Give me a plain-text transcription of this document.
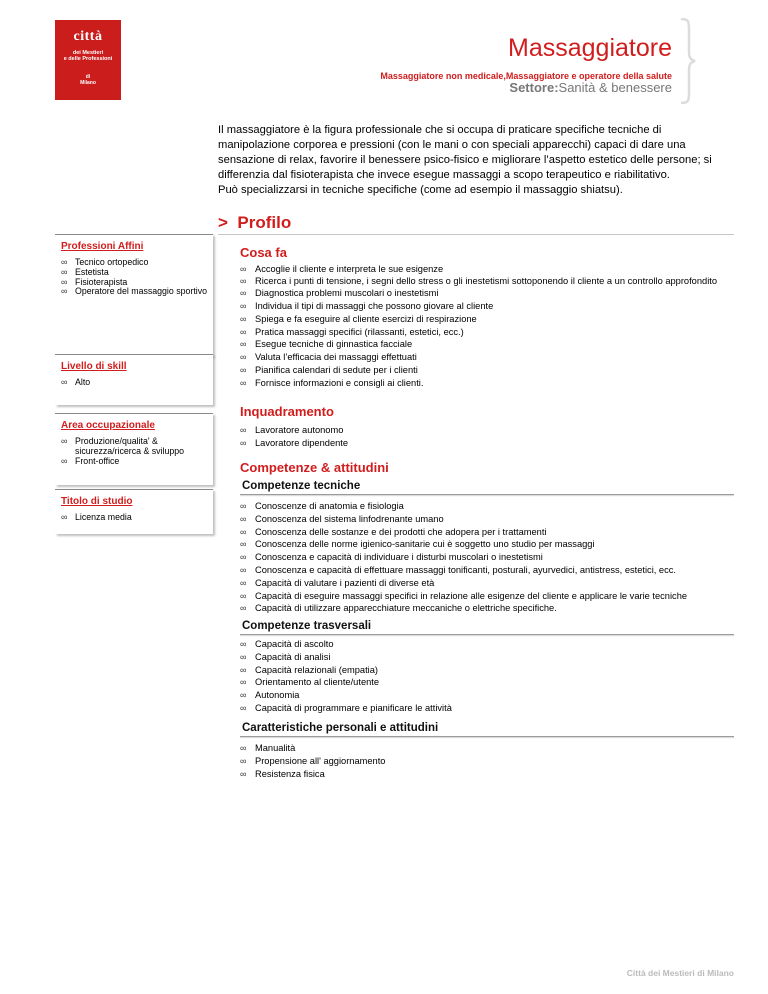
città
dei Mestieri
e delle Professioni
di
Milano
Massaggiatore
Massaggiatore non medicale,Massaggiatore e operatore della salute
Settore:Sanità & benessere

Il massaggiatore è la figura professionale che si occupa di praticare specifiche tecniche di

manipolazione corporea e pressioni (con le mani o con speciali apparecchi) capaci di dare una

sensazione di relax, favorire il benessere psico-fisico e migliorare l’aspetto estetico delle persone; si

differenzia dal fisioterapista che invece esegue massaggi a scopo terapeutico e riabilitativo.

Può specializzarsi in tecniche specifiche (come ad esempio il massaggio shiatsu).

> Profilo
Professioni Affini
∞ Tecnico ortopedico
∞ Estetista
∞ Fisioterapista
∞ Operatore del massaggio sportivo
Livello di skill
∞ Alto
Area occupazionale
∞ Produzione/qualita' & sicurezza/ricerca & sviluppo
∞ Front-office
Titolo di studio
∞ Licenza media
Cosa fa
∞ Accoglie il cliente e interpreta le sue esigenze
∞ Ricerca i punti di tensione, i segni dello stress o gli inestetismi sottoponendo il cliente a un controllo approfondito
∞ Diagnostica problemi muscolari o inestetismi
∞ Individua il tipi di massaggi che possono giovare al cliente
∞ Spiega e fa eseguire al cliente esercizi di respirazione
∞ Pratica massaggi specifici (rilassanti, estetici, ecc.)
∞ Esegue tecniche di ginnastica facciale
∞ Valuta l’efficacia dei massaggi effettuati
∞ Pianifica calendari di sedute per i clienti
∞ Fornisce informazioni e consigli ai clienti.
Inquadramento
∞ Lavoratore autonomo
∞ Lavoratore dipendente
Competenze & attitudini
Competenze tecniche
∞ Conoscenze di anatomia e fisiologia
∞ Conoscenza del sistema linfodrenante umano
∞ Conoscenza delle sostanze e dei prodotti che adopera per i trattamenti
∞ Conoscenza delle norme igienico-sanitarie cui è soggetto uno studio per massaggi
∞ Conoscenza e capacità di individuare i disturbi muscolari o inestetismi
∞ Conoscenza e capacità di effettuare massaggi tonificanti, posturali, ayurvedici, antistress, estetici, ecc.
∞ Capacità di valutare i pazienti di diverse età
∞ Capacità di eseguire massaggi specifici in relazione alle esigenze del cliente e applicare le varie tecniche
∞ Capacità di utilizzare apparecchiature meccaniche o elettriche specifiche.
Competenze trasversali
∞ Capacità di ascolto
∞ Capacità di analisi
∞ Capacità relazionali (empatia)
∞ Orientamento al cliente/utente
∞ Autonomia
∞ Capacità di programmare e pianificare le attività
Caratteristiche personali e attitudini
∞ Manualità
∞ Propensione all' aggiornamento
∞ Resistenza fisica
Città dei Mestieri di Milano
